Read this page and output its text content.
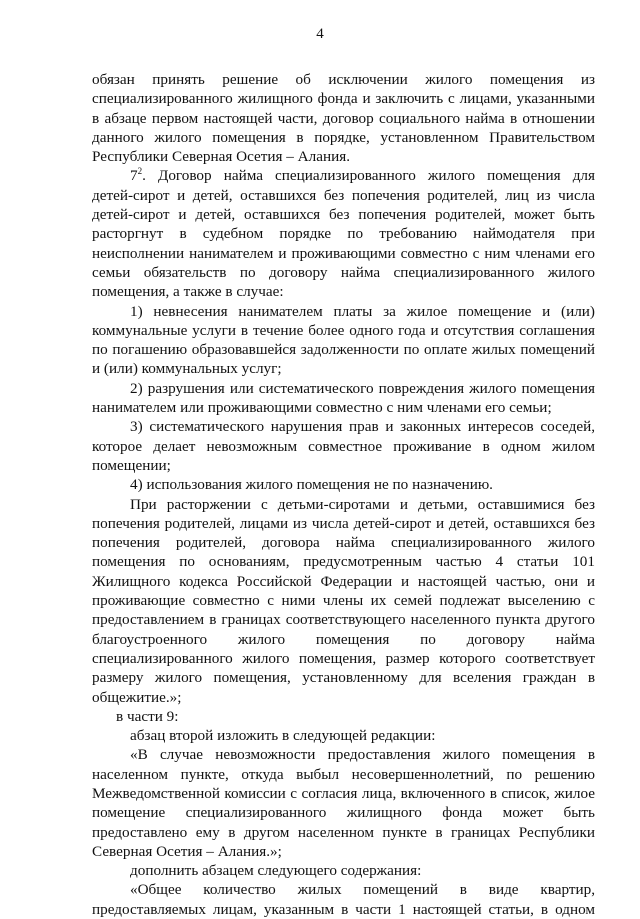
4
обязан принять решение об исключении жилого помещения из
специализированного жилищного фонда и заключить с лицами, указанными
в абзаце первом настоящей части, договор социального найма в отношении
данного жилого помещения в порядке, установленном Правительством
Республики Северная Осетия – Алания.
$7^2$. Договор найма специализированного жилого помещения для
детей-сирот и детей, оставшихся без попечения родителей, лиц из числа
детей-сирот и детей, оставшихся без попечения родителей, может быть
расторгнут в судебном порядке по требованию наймодателя при
неисполнении нанимателем и проживающими совместно с ним членами его
семьи обязательств по договору найма специализированного жилого
помещения, а также в случае:
1) невнесения нанимателем платы за жилое помещение и (или)
коммунальные услуги в течение более одного года и отсутствия соглашения
по погашению образовавшейся задолженности по оплате жилых помещений
и (или) коммунальных услуг;
2) разрушения или систематического повреждения жилого помещения
нанимателем или проживающими совместно с ним членами его семьи;
3) систематического нарушения прав и законных интересов соседей,
которое делает невозможным совместное проживание в одном жилом
помещении;
4) использования жилого помещения не по назначению.
При расторжении с детьми-сиротами и детьми, оставшимися без
попечения родителей, лицами из числа детей-сирот и детей, оставшихся без
попечения родителей, договора найма специализированного жилого
помещения по основаниям, предусмотренным частью 4 статьи 101
Жилищного кодекса Российской Федерации и настоящей частью, они и
проживающие совместно с ними члены их семей подлежат выселению с
предоставлением в границах соответствующего населенного пункта другого
благоустроенного жилого помещения по договору найма
специализированного жилого помещения, размер которого соответствует
размеру жилого помещения, установленному для вселения граждан в
общежитие.»;
в части 9:
абзац второй изложить в следующей редакции:
«В случае невозможности предоставления жилого помещения в
населенном пункте, откуда выбыл несовершеннолетний, по решению
Межведомственной комиссии с согласия лица, включенного в список, жилое
помещение специализированного жилищного фонда может быть
предоставлено ему в другом населенном пункте в границах Республики
Северная Осетия – Алания.»;
дополнить абзацем следующего содержания:
«Общее количество жилых помещений в виде квартир,
предоставляемых лицам, указанным в части 1 настоящей статьи, в одном
